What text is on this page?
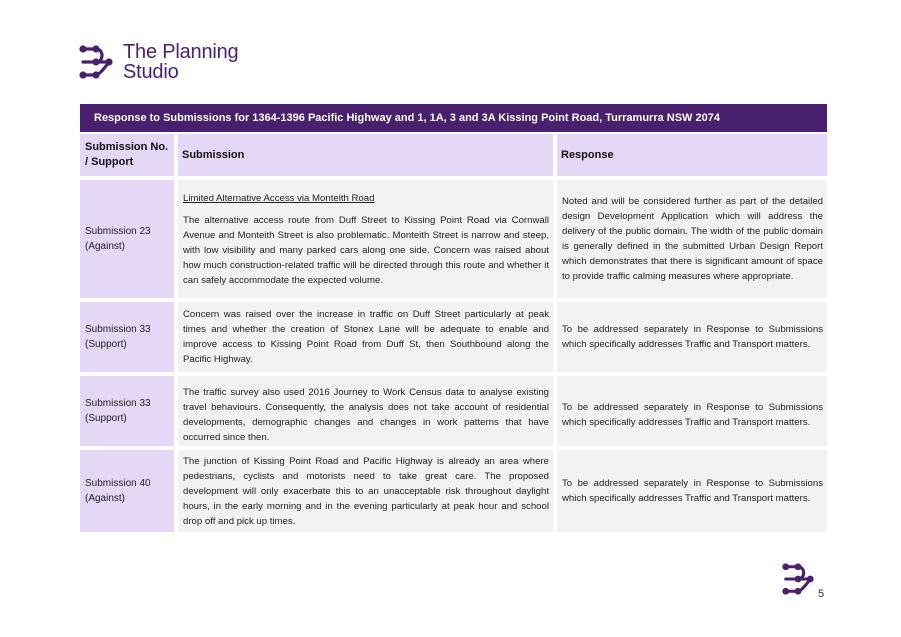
The Planning
Studio
Response to Submissions for 1364-1396 Pacific Highway and 1, 1A, 3 and 3A Kissing Point Road, Turramurra NSW 2074
Submission No. / Support
Submission	Response
Submission 23
(Against)

Limited Alternative Access via Monteith Road

The alternative access route from Duff Street to Kissing Point Road via Cornwall Avenue and Monteith Street is also problematic. Monteith Street is narrow and steep, with low visibility and many parked cars along one side. Concern was raised about how much construction-related traffic will be directed through this route and whether it can safely accommodate the expected volume.

Noted and will be considered further as part of the detailed design Development Application which will address the delivery of the public domain. The width of the public domain is generally defined in the submitted Urban Design Report which demonstrates that there is significant amount of space to provide traffic calming measures where appropriate.

Submission 33
(Support)

Concern was raised over the increase in traffic on Duff Street particularly at peak times and whether the creation of Stonex Lane will be adequate to enable and improve access to Kissing Point Road from Duff St, then Southbound along the Pacific Highway.

To be addressed separately in Response to Submissions which specifically addresses Traffic and Transport matters.

Submission 33
(Support)

The traffic survey also used 2016 Journey to Work Census data to analyse existing travel behaviours. Consequently, the analysis does not take account of residential developments, demographic changes and changes in work patterns that have occurred since then.

To be addressed separately in Response to Submissions which specifically addresses Traffic and Transport matters.

Submission 40
(Against)

The junction of Kissing Point Road and Pacific Highway is already an area where pedestrians, cyclists and motorists need to take great care. The proposed development will only exacerbate this to an unacceptable risk throughout daylight hours, in the early morning and in the evening particularly at peak hour and school drop off and pick up times.

To be addressed separately in Response to Submissions which specifically addresses Traffic and Transport matters.

5
